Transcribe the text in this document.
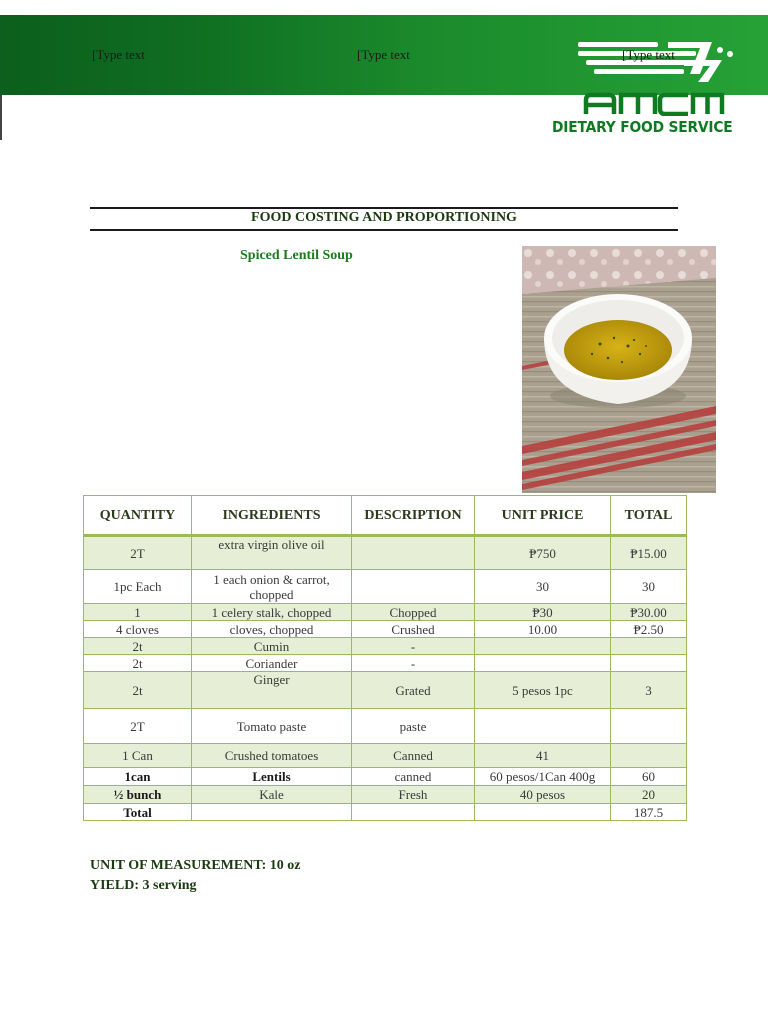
[Type text	[Type text	[Type text
DIETARY FOOD SERVICE
FOOD COSTING AND PROPORTIONING
Spiced Lentil Soup
QUANTITY	INGREDIENTS	DESCRIPTION	UNIT PRICE	TOTAL
2T	extra virgin olive oil		₱750	₱15.00
1pc Each	1 each onion & carrot, chopped		30	30
1	1 celery stalk, chopped	Chopped	₱30	₱30.00
4 cloves	cloves, chopped	Crushed	10.00	₱2.50
2t	Cumin	-		
2t	Coriander	-		
2t	Ginger	Grated	5 pesos 1pc	3
2T	Tomato paste	paste		
1 Can	Crushed tomatoes	Canned	41	
1can	Lentils	canned	60 pesos/1Can 400g	60
½ bunch	Kale	Fresh	40 pesos	20
Total				187.5
UNIT OF MEASUREMENT: 10 oz
YIELD: 3 serving
